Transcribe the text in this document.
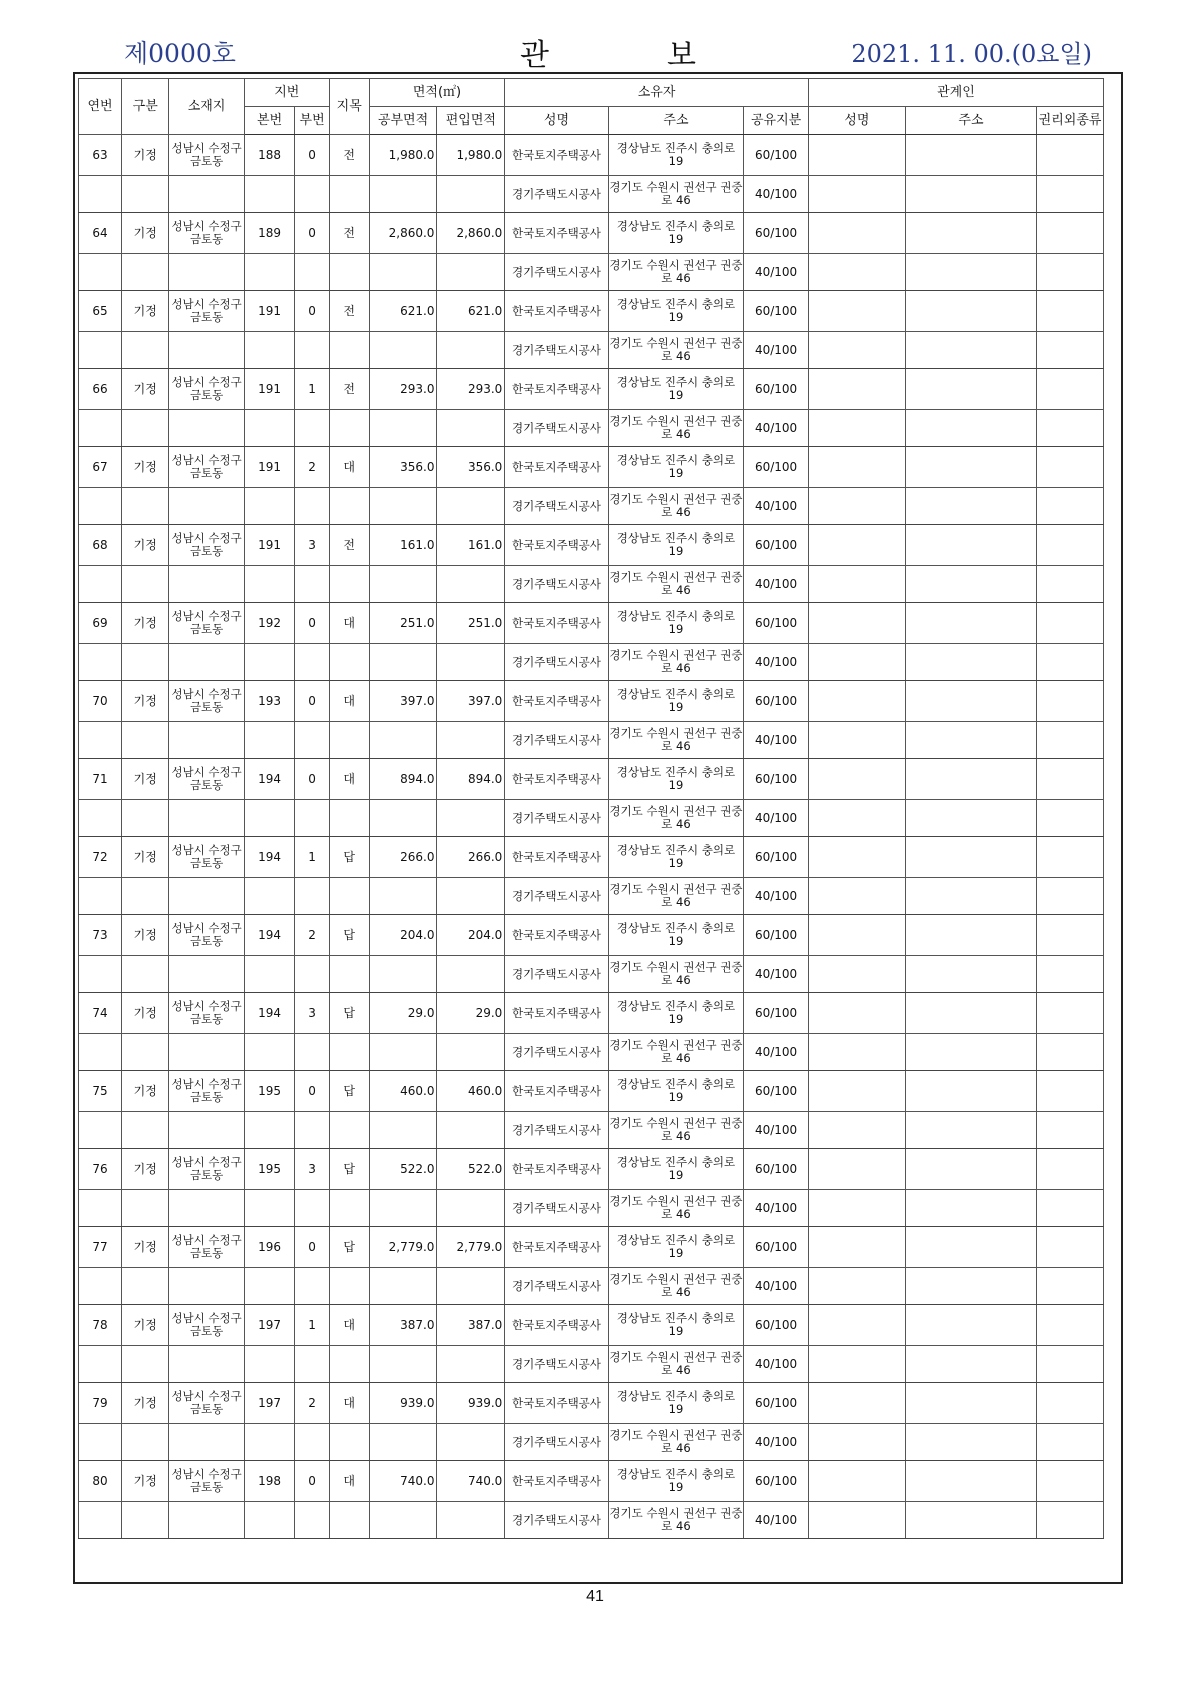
제0000호	관보 2021. 11. 00.(0요일)
연번	구분	소재지	지번		지목	면적(㎡)		소유자			관계인		
			본번	부번		공부면적	편입면적	성명	주소	공유지분	성명	주소	권리외종류
63	기정	성남시 수정구 금토동	188	0	전	1,980.0	1,980.0	한국토지주택공사	경상남도 진주시 충의로 19	60/100			
								경기주택도시공사	경기도 수원시 권선구 권중로 46	40/100			
64	기정	성남시 수정구 금토동	189	0	전	2,860.0	2,860.0	한국토지주택공사	경상남도 진주시 충의로 19	60/100			
								경기주택도시공사	경기도 수원시 권선구 권중로 46	40/100			
65	기정	성남시 수정구 금토동	191	0	전	621.0	621.0	한국토지주택공사	경상남도 진주시 충의로 19	60/100			
								경기주택도시공사	경기도 수원시 권선구 권중로 46	40/100			
66	기정	성남시 수정구 금토동	191	1	전	293.0	293.0	한국토지주택공사	경상남도 진주시 충의로 19	60/100			
								경기주택도시공사	경기도 수원시 권선구 권중로 46	40/100			
67	기정	성남시 수정구 금토동	191	2	대	356.0	356.0	한국토지주택공사	경상남도 진주시 충의로 19	60/100			
								경기주택도시공사	경기도 수원시 권선구 권중로 46	40/100			
68	기정	성남시 수정구 금토동	191	3	전	161.0	161.0	한국토지주택공사	경상남도 진주시 충의로 19	60/100			
								경기주택도시공사	경기도 수원시 권선구 권중로 46	40/100			
69	기정	성남시 수정구 금토동	192	0	대	251.0	251.0	한국토지주택공사	경상남도 진주시 충의로 19	60/100			
								경기주택도시공사	경기도 수원시 권선구 권중로 46	40/100			
70	기정	성남시 수정구 금토동	193	0	대	397.0	397.0	한국토지주택공사	경상남도 진주시 충의로 19	60/100			
								경기주택도시공사	경기도 수원시 권선구 권중로 46	40/100			
71	기정	성남시 수정구 금토동	194	0	대	894.0	894.0	한국토지주택공사	경상남도 진주시 충의로 19	60/100			
								경기주택도시공사	경기도 수원시 권선구 권중로 46	40/100			
72	기정	성남시 수정구 금토동	194	1	답	266.0	266.0	한국토지주택공사	경상남도 진주시 충의로 19	60/100			
								경기주택도시공사	경기도 수원시 권선구 권중로 46	40/100			
73	기정	성남시 수정구 금토동	194	2	답	204.0	204.0	한국토지주택공사	경상남도 진주시 충의로 19	60/100			
								경기주택도시공사	경기도 수원시 권선구 권중로 46	40/100			
74	기정	성남시 수정구 금토동	194	3	답	29.0	29.0	한국토지주택공사	경상남도 진주시 충의로 19	60/100			
								경기주택도시공사	경기도 수원시 권선구 권중로 46	40/100			
75	기정	성남시 수정구 금토동	195	0	답	460.0	460.0	한국토지주택공사	경상남도 진주시 충의로 19	60/100			
								경기주택도시공사	경기도 수원시 권선구 권중로 46	40/100			
76	기정	성남시 수정구 금토동	195	3	답	522.0	522.0	한국토지주택공사	경상남도 진주시 충의로 19	60/100			
								경기주택도시공사	경기도 수원시 권선구 권중로 46	40/100			
77	기정	성남시 수정구 금토동	196	0	답	2,779.0	2,779.0	한국토지주택공사	경상남도 진주시 충의로 19	60/100			
								경기주택도시공사	경기도 수원시 권선구 권중로 46	40/100			
78	기정	성남시 수정구 금토동	197	1	대	387.0	387.0	한국토지주택공사	경상남도 진주시 충의로 19	60/100			
								경기주택도시공사	경기도 수원시 권선구 권중로 46	40/100			
79	기정	성남시 수정구 금토동	197	2	대	939.0	939.0	한국토지주택공사	경상남도 진주시 충의로 19	60/100			
								경기주택도시공사	경기도 수원시 권선구 권중로 46	40/100			
80	기정	성남시 수정구 금토동	198	0	대	740.0	740.0	한국토지주택공사	경상남도 진주시 충의로 19	60/100			
								경기주택도시공사	경기도 수원시 권선구 권중로 46	40/100			
41
